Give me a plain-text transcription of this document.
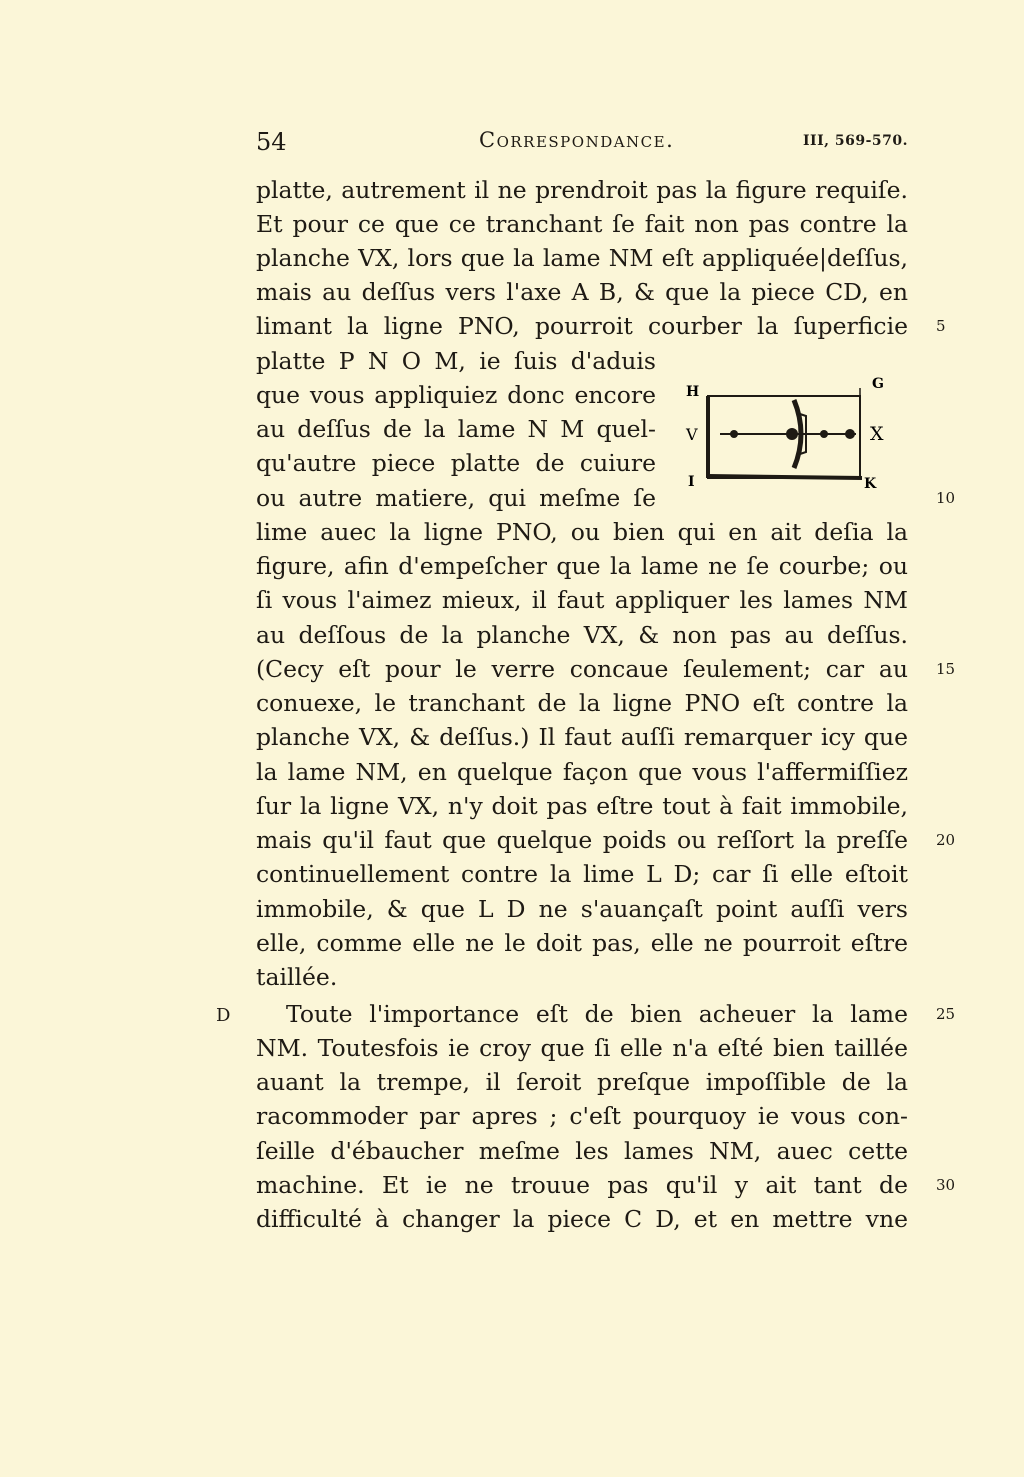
54	Correspondance.	III, 569-570.
platte, autrement il ne prendroit pas la figure requiſe.
Et pour ce que ce tranchant ſe fait non pas contre la
planche VX, lors que la lame NM eſt appliquée|deſſus,
mais au deſſus vers l'axe A B, & que la piece CD, en
limant la ligne PNO, pourroit courber la ſuperficie
platte P N O M, ie ſuis d'aduis
que vous appliquiez donc encore
au deſſus de la lame N M quel-
qu'autre piece platte de cuiure
ou autre matiere, qui meſme ſe
lime auec la ligne PNO, ou bien qui en ait deſia la
figure, afin d'empeſcher que la lame ne ſe courbe; ou
ſi vous l'aimez mieux, il faut appliquer les lames NM
au deſſous de la planche VX, & non pas au deſſus.
(Cecy eſt pour le verre concaue ſeulement; car au
conuexe, le tranchant de la ligne PNO eſt contre la
planche VX, & deſſus.) Il faut auſſi remarquer icy que
la lame NM, en quelque façon que vous l'affermiſſiez
ſur la ligne VX, n'y doit pas eſtre tout à fait immobile,
mais qu'il faut que quelque poids ou reſſort la preſſe
continuellement contre la lime L D; car ſi elle eſtoit
immobile, & que L D ne s'auançaſt point auſſi vers
elle, comme elle ne le doit pas, elle ne pourroit eſtre
taillée.
Toute l'importance eſt de bien acheuer la lame
NM. Toutesfois ie croy que ſi elle n'a eſté bien taillée
auant la trempe, il ſeroit preſque impoſſible de la
racommoder par apres ; c'eſt pourquoy ie vous con-
ſeille d'ébaucher meſme les lames NM, auec cette
machine. Et ie ne trouue pas qu'il y ait tant de
difficulté à changer la piece C D, et en mettre vne
5
10
15
20
25
30
D
H	G
V	X
I	K
